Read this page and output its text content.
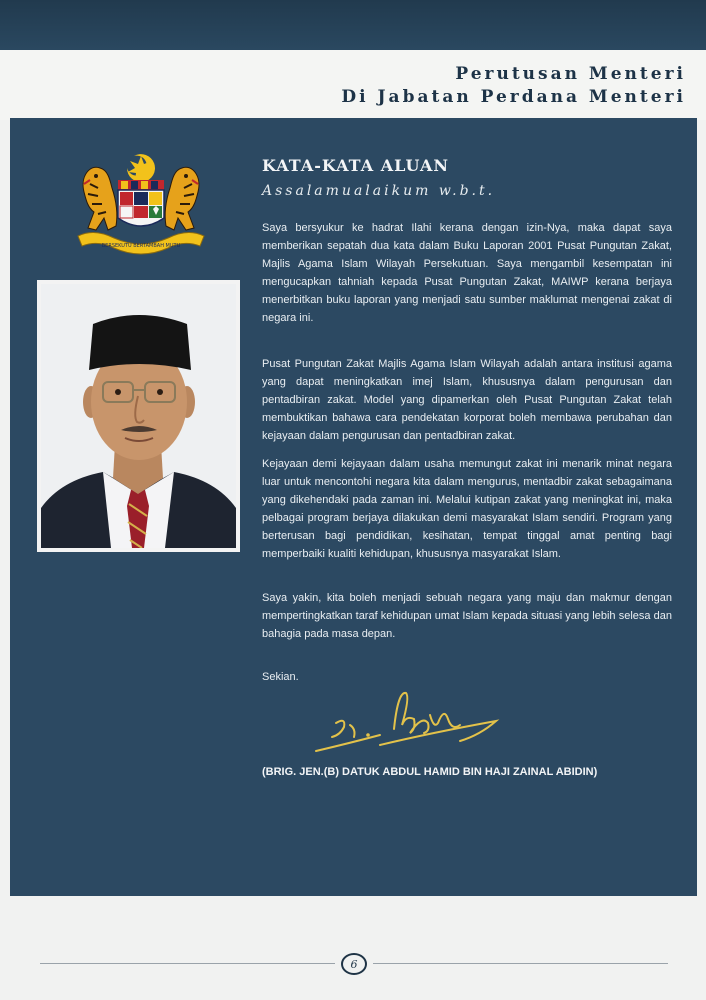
Perutusan Menteri
Di Jabatan Perdana Menteri
BERSEKUTU BERTAMBAH MUTU
KATA-KATA ALUAN

Assalamualaikum w.b.t.

Saya bersyukur ke hadrat Ilahi kerana dengan izin-Nya, maka dapat saya memberikan sepatah dua kata dalam Buku Laporan 2001 Pusat Pungutan Zakat, Majlis Agama Islam Wilayah Persekutuan. Saya mengambil kesempatan ini mengucapkan tahniah kepada Pusat Pungutan Zakat, MAIWP kerana berjaya menerbitkan buku laporan yang menjadi satu sumber maklumat mengenai zakat di negara ini.

Pusat Pungutan Zakat Majlis Agama Islam Wilayah adalah antara institusi agama yang dapat meningkatkan imej Islam, khususnya dalam pengurusan dan pentadbiran zakat. Model yang dipamerkan oleh Pusat Pungutan Zakat telah membuktikan bahawa cara pendekatan korporat boleh membawa perubahan dan kejayaan dalam pengurusan dan pentadbiran zakat.

Kejayaan demi kejayaan dalam usaha memungut zakat ini menarik minat negara luar untuk mencontohi negara kita dalam mengurus, mentadbir zakat sebagaimana yang dikehendaki pada zaman ini. Melalui kutipan zakat yang meningkat ini, maka pelbagai program berjaya dilakukan demi masyarakat Islam sendiri. Program yang berterusan bagi pendidikan, kesihatan, tempat tinggal amat penting bagi memperbaiki kualiti kehidupan, khususnya masyarakat Islam.

Saya yakin, kita boleh menjadi sebuah negara yang maju dan makmur dengan mempertingkatkan taraf kehidupan umat Islam kepada situasi yang lebih selesa dan bahagia pada masa depan.

Sekian.

(BRIG. JEN.(B) DATUK ABDUL HAMID BIN HAJI ZAINAL ABIDIN)

6
